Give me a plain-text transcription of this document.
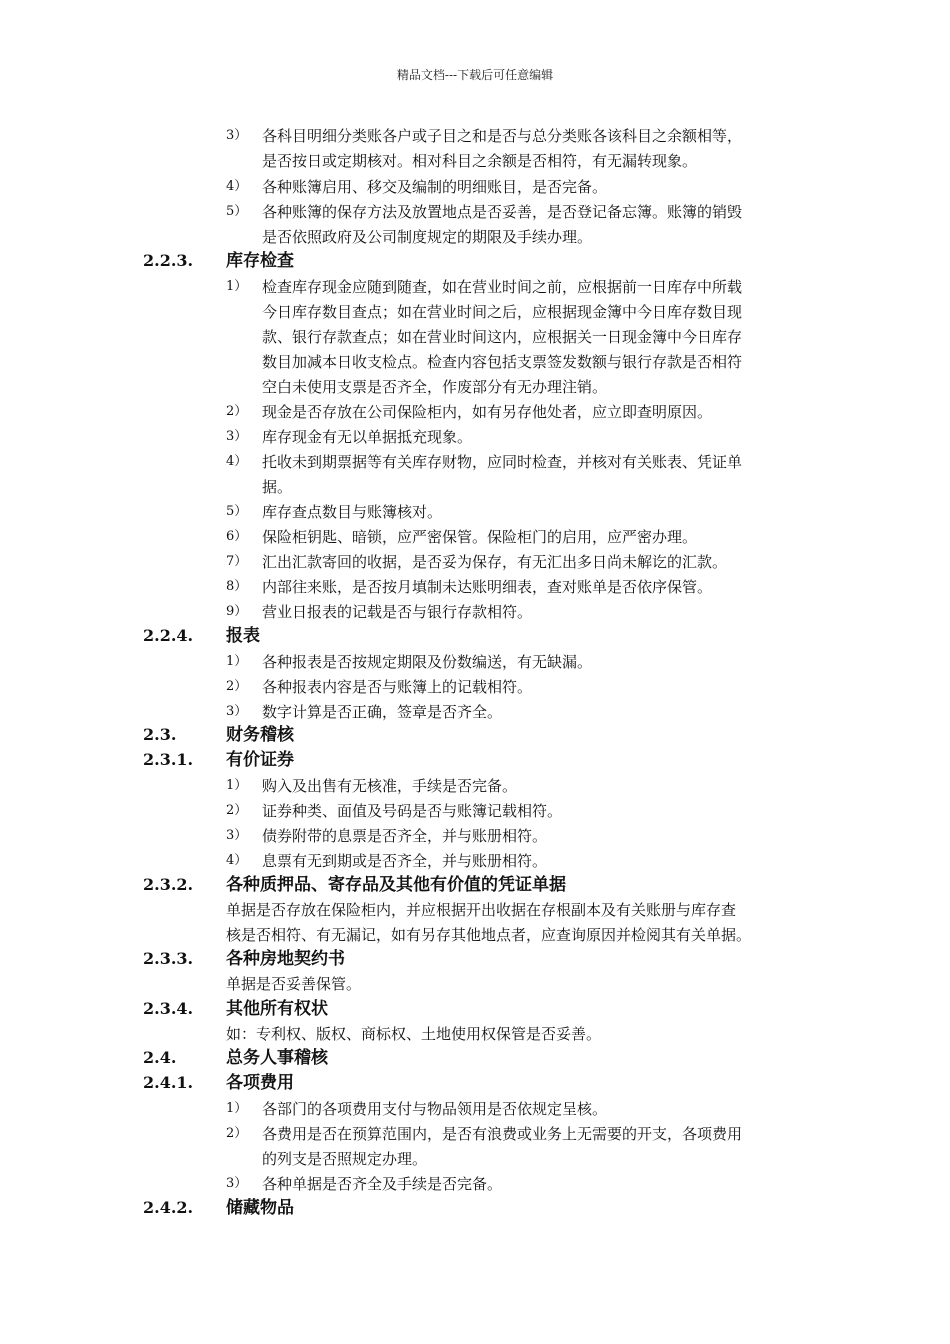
精品文档---下载后可任意编辑
3） 各科目明细分类账各户或子目之和是否与总分类账各该科目之余额相等，
是否按日或定期核对。相对科目之余额是否相符，有无漏转现象。
4） 各种账簿启用、移交及编制的明细账目，是否完备。
5） 各种账簿的保存方法及放置地点是否妥善，是否登记备忘簿。账簿的销毁
是否依照政府及公司制度规定的期限及手续办理。
2.2.3. 库存检查
1） 检查库存现金应随到随查，如在营业时间之前，应根据前一日库存中所载
今日库存数目查点；如在营业时间之后，应根据现金簿中今日库存数目现
款、银行存款查点；如在营业时间这内，应根据关一日现金簿中今日库存
数目加减本日收支检点。检查内容包括支票签发数额与银行存款是否相符
空白未使用支票是否齐全，作废部分有无办理注销。
2） 现金是否存放在公司保险柜内，如有另存他处者，应立即查明原因。
3） 库存现金有无以单据抵充现象。
4） 托收未到期票据等有关库存财物，应同时检查，并核对有关账表、凭证单
据。
5） 库存查点数目与账簿核对。
6） 保险柜钥匙、暗锁，应严密保管。保险柜门的启用，应严密办理。
7） 汇出汇款寄回的收据，是否妥为保存，有无汇出多日尚未解讫的汇款。
8） 内部往来账，是否按月填制未达账明细表，查对账单是否依序保管。
9） 营业日报表的记载是否与银行存款相符。
2.2.4. 报表
1） 各种报表是否按规定期限及份数编送，有无缺漏。
2） 各种报表内容是否与账簿上的记载相符。
3） 数字计算是否正确，签章是否齐全。
2.3.	财务稽核
2.3.1. 有价证券
1） 购入及出售有无核准，手续是否完备。
2） 证券种类、面值及号码是否与账簿记载相符。
3） 债券附带的息票是否齐全，并与账册相符。
4） 息票有无到期或是否齐全，并与账册相符。
2.3.2. 各种质押品、寄存品及其他有价值的凭证单据
单据是否存放在保险柜内，并应根据开出收据在存根副本及有关账册与库存查
核是否相符、有无漏记，如有另存其他地点者，应查询原因并检阅其有关单据。
2.3.3. 各种房地契约书
单据是否妥善保管。
2.3.4. 其他所有权状
如：专利权、版权、商标权、土地使用权保管是否妥善。
2.4.	总务人事稽核
2.4.1. 各项费用
1） 各部门的各项费用支付与物品领用是否依规定呈核。
2） 各费用是否在预算范围内，是否有浪费或业务上无需要的开支，各项费用
的列支是否照规定办理。
3） 各种单据是否齐全及手续是否完备。
2.4.2. 储藏物品
